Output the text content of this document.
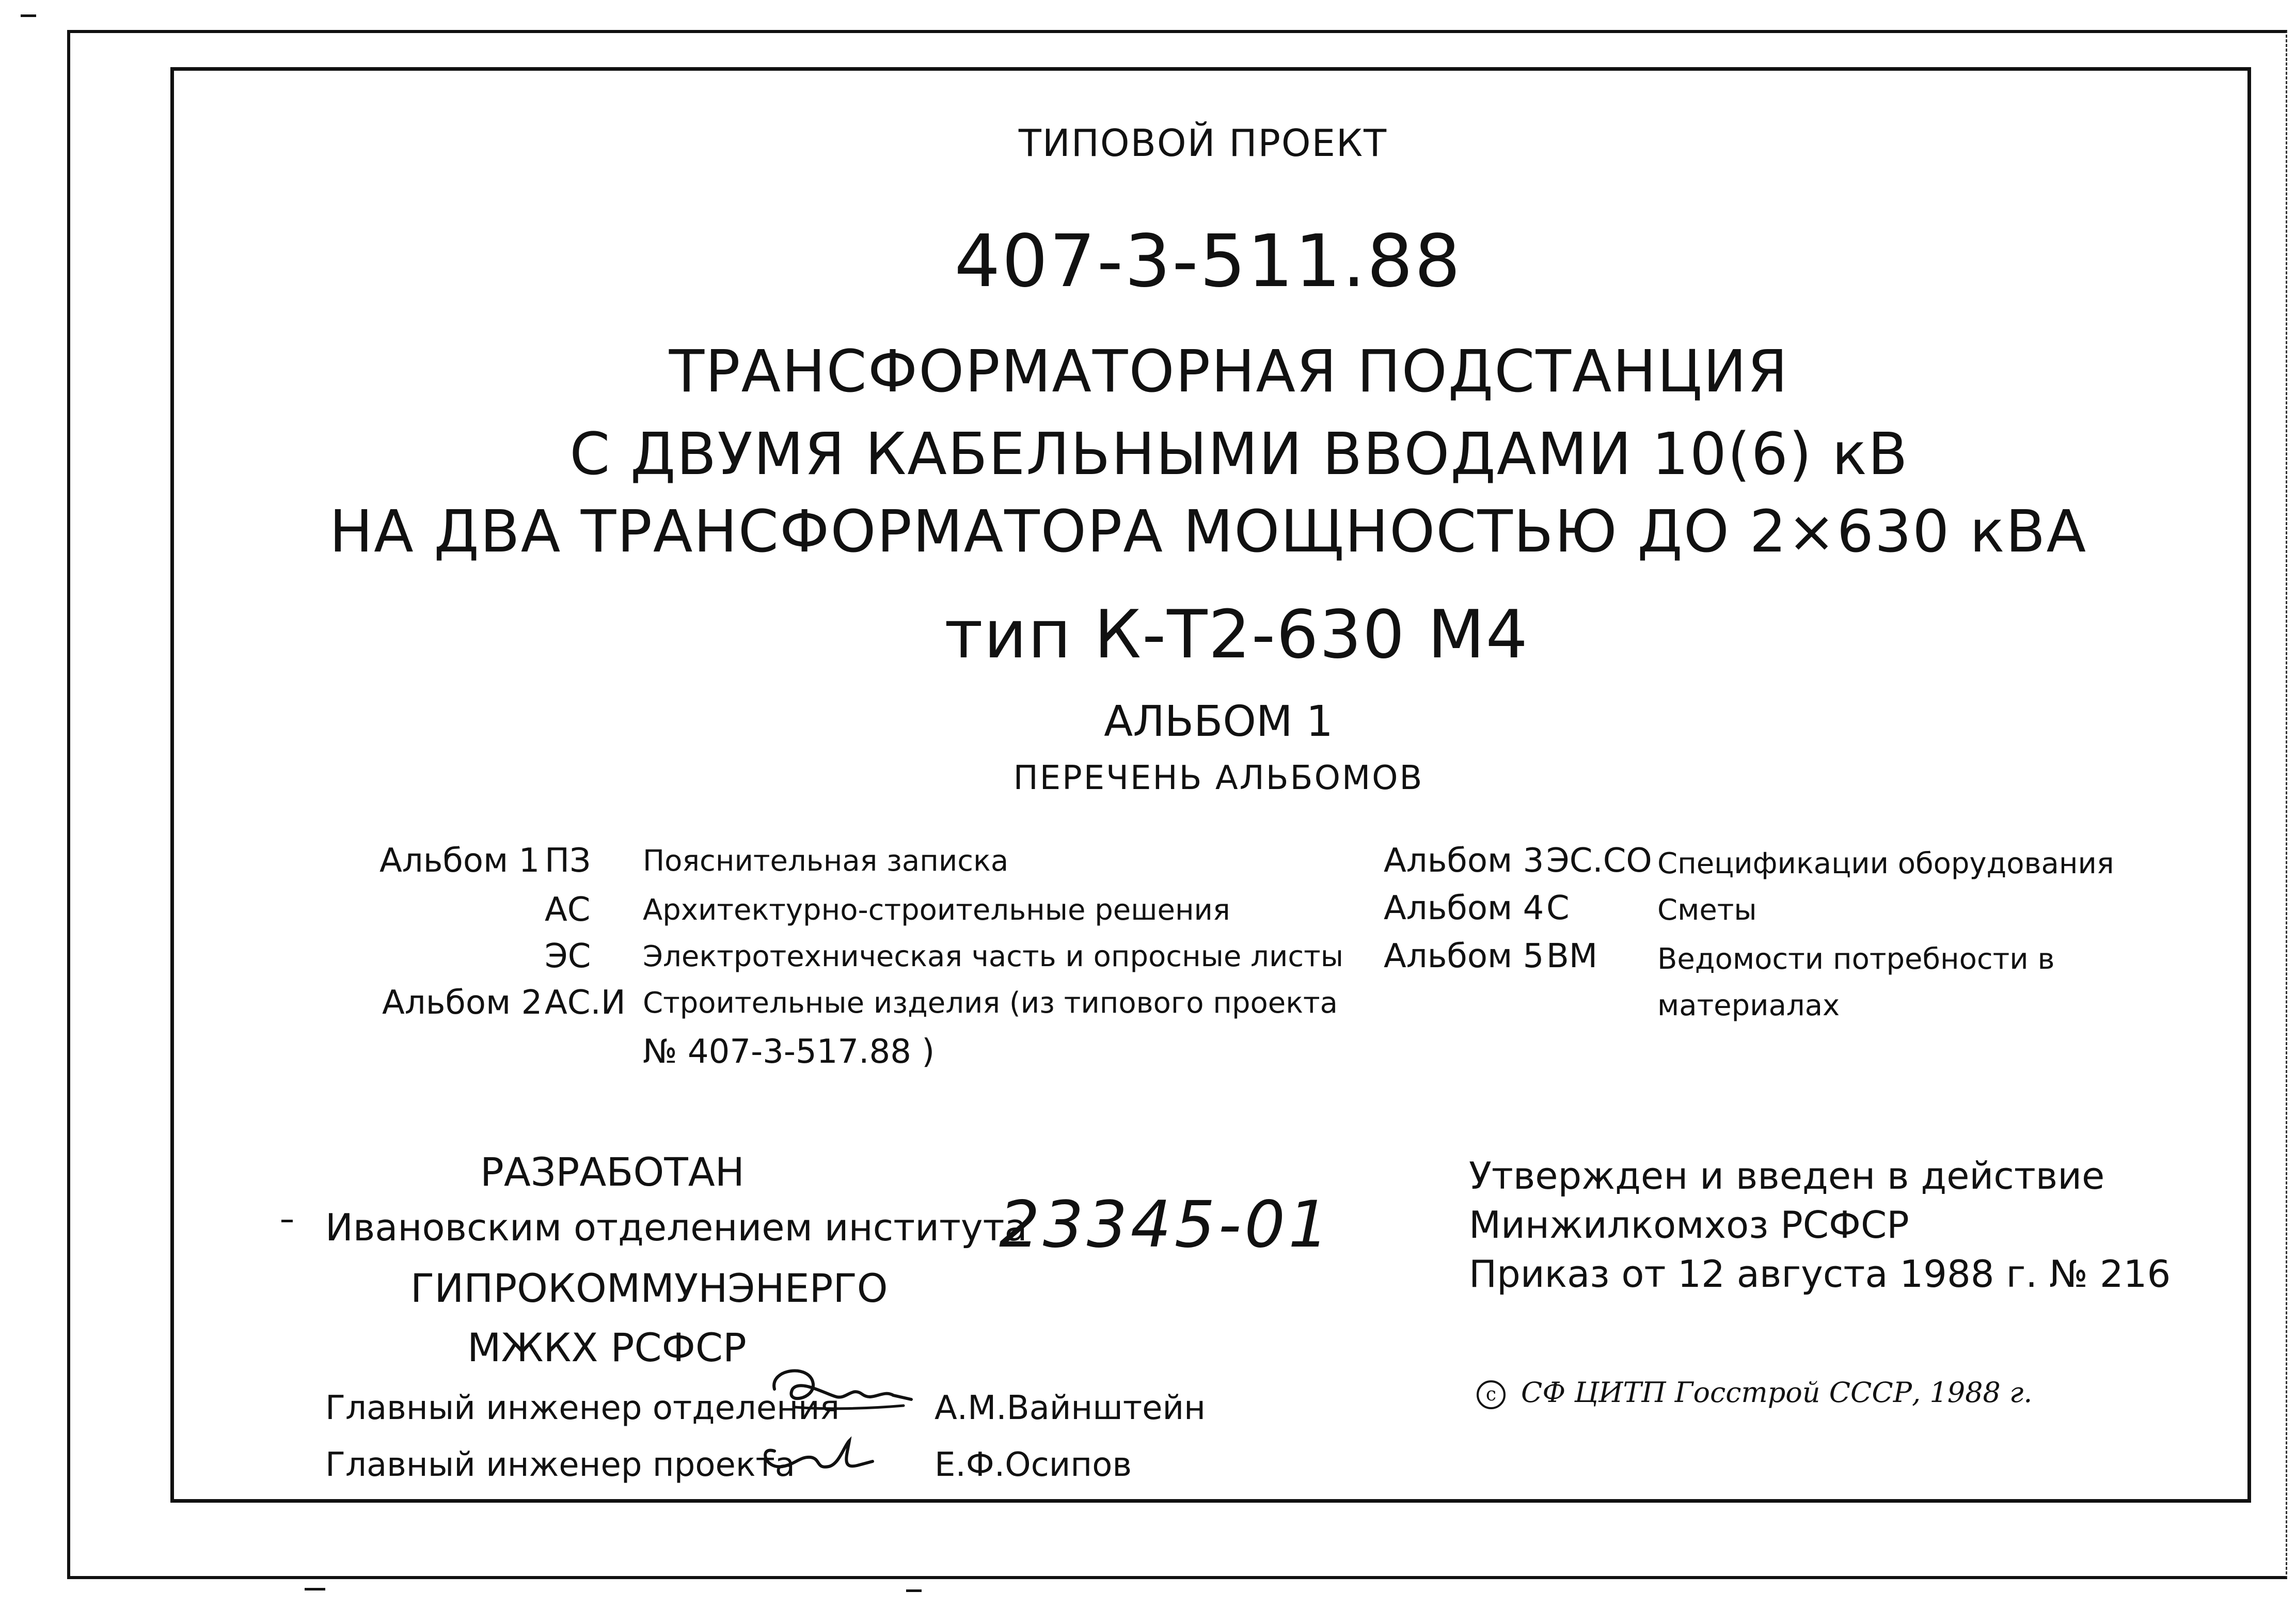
ТИПОВОЙ ПРОЕКТ
407-3-511.88
ТРАНСФОРМАТОРНАЯ ПОДСТАНЦИЯ
С ДВУМЯ КАБЕЛЬНЫМИ ВВОДАМИ 10(6) кВ
НА ДВА ТРАНСФОРМАТОРА МОЩНОСТЬЮ ДО 2×630 кВА
тип К-Т2-630 М4
АЛЬБОМ 1
ПЕРЕЧЕНЬ АЛЬБОМОВ
Альбом 1 ПЗ Пояснительная записка
АС Архитектурно-строительные решения
ЭС Электротехническая часть и опросные листы
Альбом 2 АС.И Строительные изделия (из типового проекта
№ 407-3-517.88 )
Альбом 3 ЭС.СО Спецификации оборудования
Альбом 4 С	Сметы
Альбом 5 ВМ Ведомости потребности в
материалах
РАЗРАБОТАН
Ивановским отделением института
ГИПРОКОММУНЭНЕРГО
МЖКХ РСФСР
Главный инженер отделения	А.М.Вайнштейн
Главный инженер проекта	Е.Ф.Осипов
23345-01
Утвержден и введен в действие
Минжилкомхоз РСФСР
Приказ от 12 августа 1988 г. № 216
c СФ ЦИТП Госстрой СССР, 1988 г.
